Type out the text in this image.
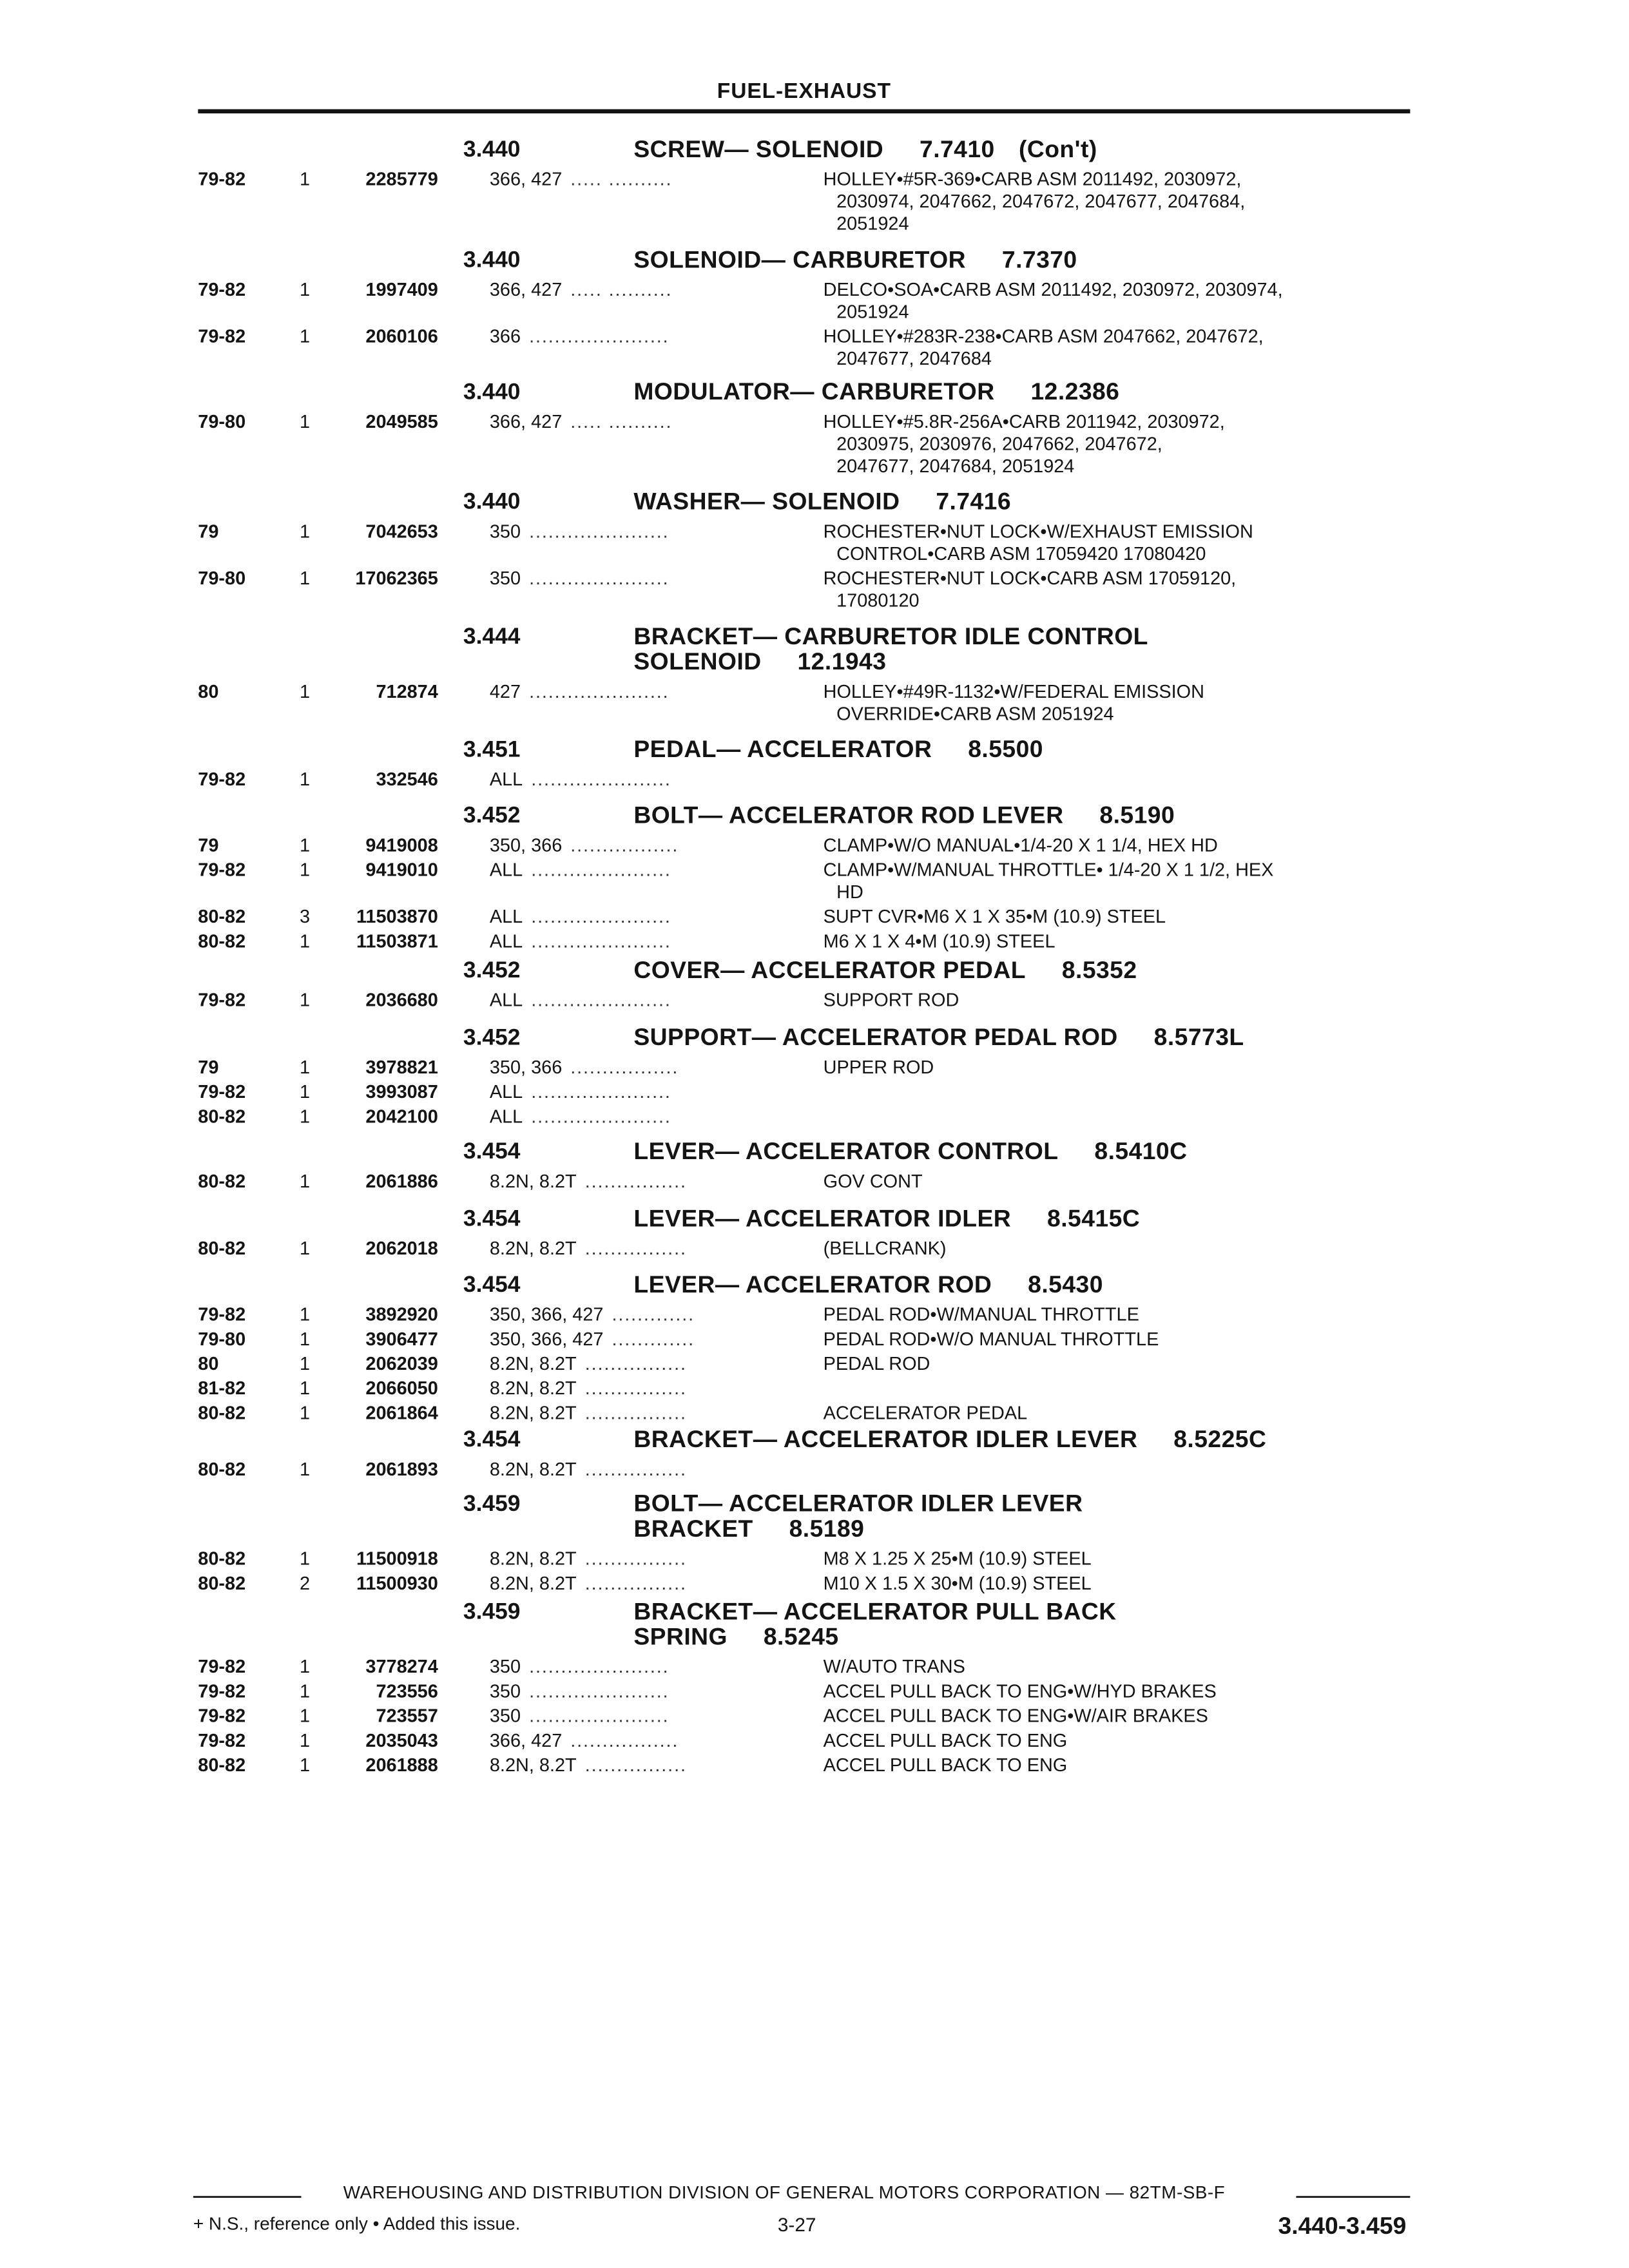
FUEL-EXHAUST
3.440	SCREW— SOLENOID 7.7410 (Con't)
79-82	1	2285779	366, 427 ..... ..........	HOLLEY•#5R-369•CARB ASM 2011492, 2030972,
2030974, 2047662, 2047672, 2047677, 2047684,
2051924
3.440	SOLENOID— CARBURETOR 7.7370
79-82	1	1997409	366, 427 ..... ..........	DELCO•SOA•CARB ASM 2011492, 2030972, 2030974,
2051924
79-82	1	2060106	366 ......................	HOLLEY•#283R-238•CARB ASM 2047662, 2047672,
2047677, 2047684
3.440	MODULATOR— CARBURETOR 12.2386
79-80	1	2049585	366, 427 ..... ..........	HOLLEY•#5.8R-256A•CARB 2011942, 2030972,
2030975, 2030976, 2047662, 2047672,
2047677, 2047684, 2051924
3.440	WASHER— SOLENOID 7.7416
79	1	7042653	350 ......................	ROCHESTER•NUT LOCK•W/EXHAUST EMISSION
CONTROL•CARB ASM 17059420 17080420
79-80	1	17062365	350 ......................	ROCHESTER•NUT LOCK•CARB ASM 17059120,
17080120
3.444	BRACKET— CARBURETOR IDLE CONTROL
SOLENOID 12.1943
80	1	712874	427 ......................	HOLLEY•#49R-1132•W/FEDERAL EMISSION
OVERRIDE•CARB ASM 2051924
3.451	PEDAL— ACCELERATOR 8.5500
79-82	1	332546	ALL ......................
3.452	BOLT— ACCELERATOR ROD LEVER 8.5190
79	1	9419008	350, 366 .................	CLAMP•W/O MANUAL•1/4-20 X 1 1/4, HEX HD
79-82	1	9419010	ALL ......................	CLAMP•W/MANUAL THROTTLE• 1/4-20 X 1 1/2, HEX
HD
80-82	3	11503870	ALL ......................	SUPT CVR•M6 X 1 X 35•M (10.9) STEEL
80-82	1	11503871	ALL ......................	M6 X 1 X 4•M (10.9) STEEL
3.452	COVER— ACCELERATOR PEDAL 8.5352
79-82	1	2036680	ALL ......................	SUPPORT ROD
3.452	SUPPORT— ACCELERATOR PEDAL ROD 8.5773L
79	1	3978821	350, 366 .................	UPPER ROD
79-82	1	3993087	ALL ......................
80-82	1	2042100	ALL ......................
3.454	LEVER— ACCELERATOR CONTROL 8.5410C
80-82	1	2061886	8.2N, 8.2T ................	GOV CONT
3.454	LEVER— ACCELERATOR IDLER 8.5415C
80-82	1	2062018	8.2N, 8.2T ................	(BELLCRANK)
3.454	LEVER— ACCELERATOR ROD 8.5430
79-82	1	3892920	350, 366, 427 .............	PEDAL ROD•W/MANUAL THROTTLE
79-80	1	3906477	350, 366, 427 .............	PEDAL ROD•W/O MANUAL THROTTLE
80	1	2062039	8.2N, 8.2T ................	PEDAL ROD
81-82	1	2066050	8.2N, 8.2T ................
80-82	1	2061864	8.2N, 8.2T ................	ACCELERATOR PEDAL
3.454	BRACKET— ACCELERATOR IDLER LEVER 8.5225C
80-82	1	2061893	8.2N, 8.2T ................
3.459	BOLT— ACCELERATOR IDLER LEVER
BRACKET 8.5189
80-82	1	11500918	8.2N, 8.2T ................	M8 X 1.25 X 25•M (10.9) STEEL
80-82	2	11500930	8.2N, 8.2T ................	M10 X 1.5 X 30•M (10.9) STEEL
3.459	BRACKET— ACCELERATOR PULL BACK
SPRING 8.5245
79-82	1	3778274	350 ......................	W/AUTO TRANS
79-82	1	723556	350 ......................	ACCEL PULL BACK TO ENG•W/HYD BRAKES
79-82	1	723557	350 ......................	ACCEL PULL BACK TO ENG•W/AIR BRAKES
79-82	1	2035043	366, 427 .................	ACCEL PULL BACK TO ENG
80-82	1	2061888	8.2N, 8.2T ................	ACCEL PULL BACK TO ENG
WAREHOUSING AND DISTRIBUTION DIVISION OF GENERAL MOTORS CORPORATION — 82TM-SB-F
+ N.S., reference only • Added this issue.	3-27	3.440-3.459
